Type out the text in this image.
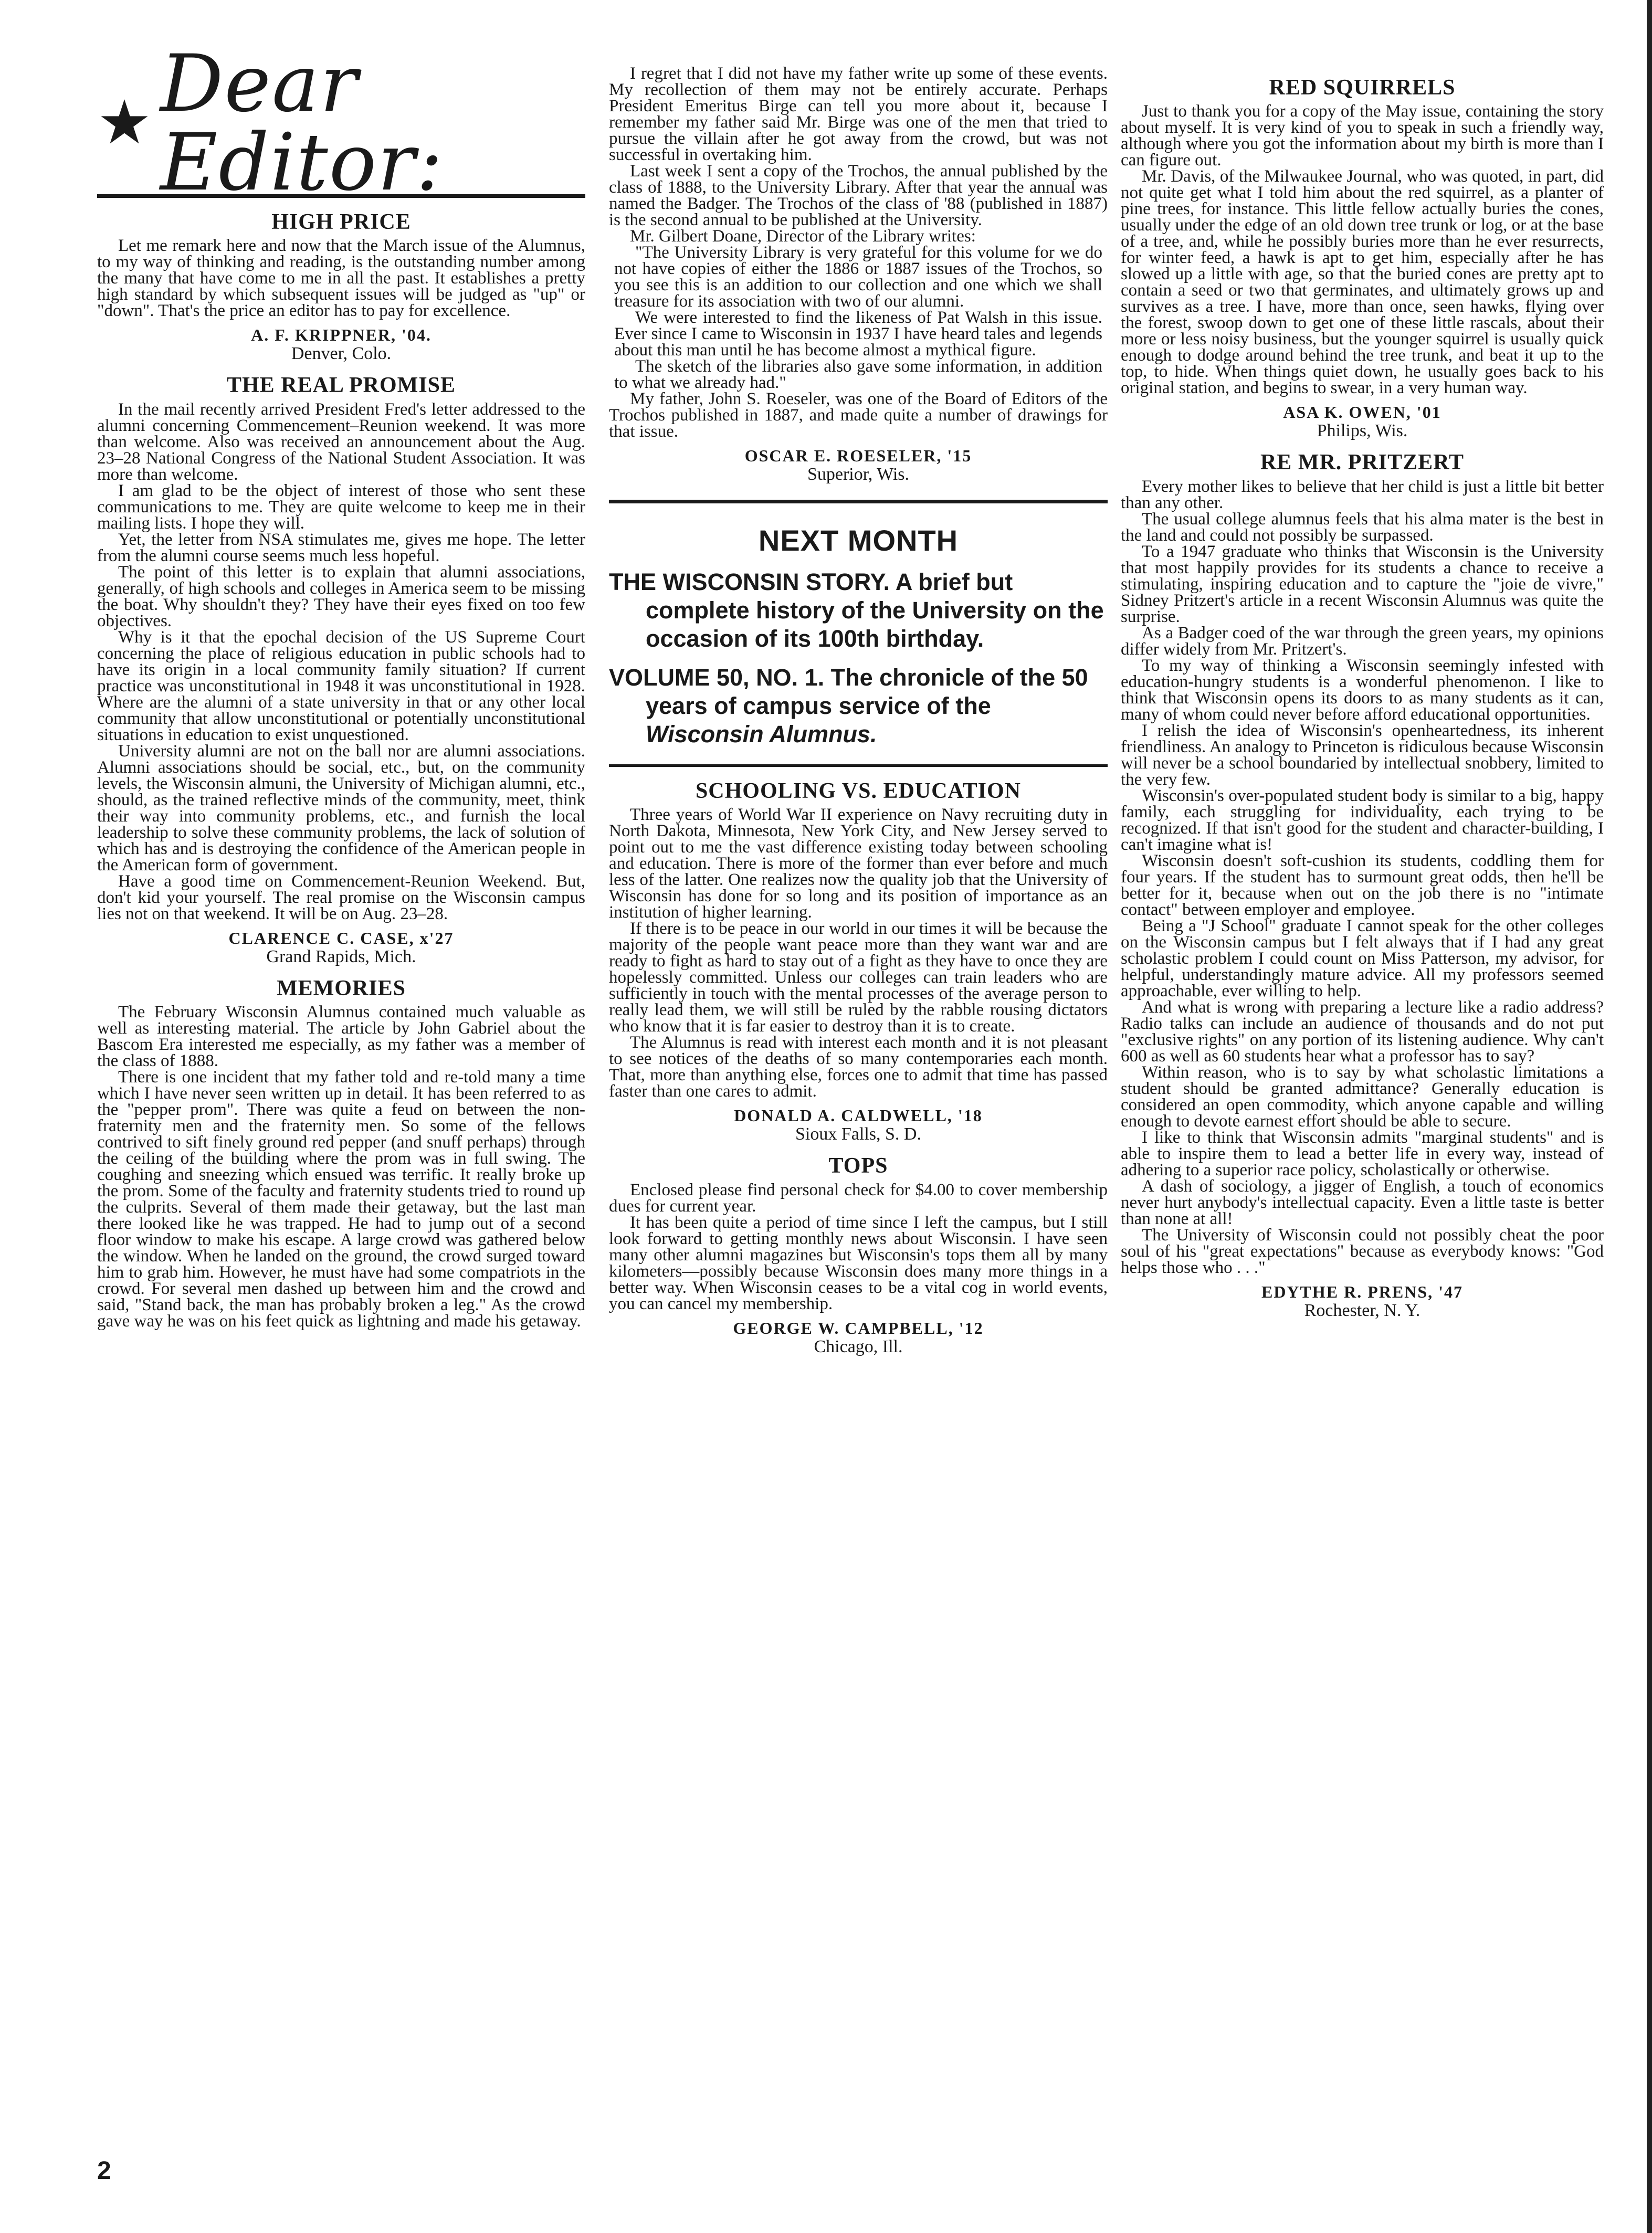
★ Dear Editor:
HIGH PRICE

Let me remark here and now that the March issue of the Alumnus, to my way of thinking and reading, is the outstanding number among the many that have come to me in all the past. It establishes a pretty high standard by which subsequent issues will be judged as "up" or "down". That's the price an editor has to pay for excellence.

A. F. KRIPPNER, '04.
Denver, Colo.
THE REAL PROMISE

In the mail recently arrived President Fred's letter addressed to the alumni concerning Commencement–Reunion weekend. It was more than welcome. Also was received an announcement about the Aug. 23–28 National Congress of the National Student Association. It was more than welcome.

I am glad to be the object of interest of those who sent these communications to me. They are quite welcome to keep me in their mailing lists. I hope they will.

Yet, the letter from NSA stimulates me, gives me hope. The letter from the alumni course seems much less hopeful.

The point of this letter is to explain that alumni associations, generally, of high schools and colleges in America seem to be missing the boat. Why shouldn't they? They have their eyes fixed on too few objectives.

Why is it that the epochal decision of the US Supreme Court concerning the place of religious education in public schools had to have its origin in a local community family situation? If current practice was unconstitutional in 1948 it was unconstitutional in 1928. Where are the alumni of a state university in that or any other local community that allow unconstitutional or potentially unconstitutional situations in education to exist unquestioned.

University alumni are not on the ball nor are alumni associations. Alumni associations should be social, etc., but, on the community levels, the Wisconsin almuni, the University of Michigan alumni, etc., should, as the trained reflective minds of the community, meet, think their way into community problems, etc., and furnish the local leadership to solve these community problems, the lack of solution of which has and is destroying the confidence of the American people in the American form of government.

Have a good time on Commencement-Reunion Weekend. But, don't kid your yourself. The real promise on the Wisconsin campus lies not on that weekend. It will be on Aug. 23–28.

CLARENCE C. CASE, x'27
Grand Rapids, Mich.
MEMORIES

The February Wisconsin Alumnus contained much valuable as well as interesting material. The article by John Gabriel about the Bascom Era interested me especially, as my father was a member of the class of 1888.

There is one incident that my father told and re-told many a time which I have never seen written up in detail. It has been referred to as the "pepper prom". There was quite a feud on between the non-fraternity men and the fraternity men. So some of the fellows contrived to sift finely ground red pepper (and snuff perhaps) through the ceiling of the building where the prom was in full swing. The coughing and sneezing which ensued was terrific. It really broke up the prom. Some of the faculty and fraternity students tried to round up the culprits. Several of them made their getaway, but the last man there looked like he was trapped. He had to jump out of a second floor window to make his escape. A large crowd was gathered below the window. When he landed on the ground, the crowd surged toward him to grab him. However, he must have had some compatriots in the crowd. For several men dashed up between him and the crowd and said, "Stand back, the man has probably broken a leg." As the crowd gave way he was on his feet quick as lightning and made his getaway.

I regret that I did not have my father write up some of these events. My recollection of them may not be entirely accurate. Perhaps President Emeritus Birge can tell you more about it, because I remember my father said Mr. Birge was one of the men that tried to pursue the villain after he got away from the crowd, but was not successful in overtaking him.

Last week I sent a copy of the Trochos, the annual published by the class of 1888, to the University Library. After that year the annual was named the Badger. The Trochos of the class of '88 (published in 1887) is the second annual to be published at the University.

Mr. Gilbert Doane, Director of the Library writes:

"The University Library is very grateful for this volume for we do not have copies of either the 1886 or 1887 issues of the Trochos, so you see this is an addition to our collection and one which we shall treasure for its association with two of our alumni.

We were interested to find the likeness of Pat Walsh in this issue. Ever since I came to Wisconsin in 1937 I have heard tales and legends about this man until he has become almost a mythical figure.

The sketch of the libraries also gave some information, in addition to what we already had."

My father, John S. Roeseler, was one of the Board of Editors of the Trochos published in 1887, and made quite a number of drawings for that issue.

OSCAR E. ROESELER, '15
Superior, Wis.
NEXT MONTH

THE WISCONSIN STORY. A brief but complete history of the University on the occasion of its 100th birthday.

VOLUME 50, NO. 1. The chronicle of the 50 years of campus service of the Wisconsin Alumnus.

SCHOOLING VS. EDUCATION

Three years of World War II experience on Navy recruiting duty in North Dakota, Minnesota, New York City, and New Jersey served to point out to me the vast difference existing today between schooling and education. There is more of the former than ever before and much less of the latter. One realizes now the quality job that the University of Wisconsin has done for so long and its position of importance as an institution of higher learning.

If there is to be peace in our world in our times it will be because the majority of the people want peace more than they want war and are ready to fight as hard to stay out of a fight as they have to once they are hopelessly committed. Unless our colleges can train leaders who are sufficiently in touch with the mental processes of the average person to really lead them, we will still be ruled by the rabble rousing dictators who know that it is far easier to destroy than it is to create.

The Alumnus is read with interest each month and it is not pleasant to see notices of the deaths of so many contemporaries each month. That, more than anything else, forces one to admit that time has passed faster than one cares to admit.

DONALD A. CALDWELL, '18
Sioux Falls, S. D.
TOPS

Enclosed please find personal check for $4.00 to cover membership dues for current year.

It has been quite a period of time since I left the campus, but I still look forward to getting monthly news about Wisconsin. I have seen many other alumni magazines but Wisconsin's tops them all by many kilometers—possibly because Wisconsin does many more things in a better way. When Wisconsin ceases to be a vital cog in world events, you can cancel my membership.

GEORGE W. CAMPBELL, '12
Chicago, Ill.
RED SQUIRRELS

Just to thank you for a copy of the May issue, containing the story about myself. It is very kind of you to speak in such a friendly way, although where you got the information about my birth is more than I can figure out.

Mr. Davis, of the Milwaukee Journal, who was quoted, in part, did not quite get what I told him about the red squirrel, as a planter of pine trees, for instance. This little fellow actually buries the cones, usually under the edge of an old down tree trunk or log, or at the base of a tree, and, while he possibly buries more than he ever resurrects, for winter feed, a hawk is apt to get him, especially after he has slowed up a little with age, so that the buried cones are pretty apt to contain a seed or two that germinates, and ultimately grows up and survives as a tree. I have, more than once, seen hawks, flying over the forest, swoop down to get one of these little rascals, about their more or less noisy business, but the younger squirrel is usually quick enough to dodge around behind the tree trunk, and beat it up to the top, to hide. When things quiet down, he usually goes back to his original station, and begins to swear, in a very human way.

ASA K. OWEN, '01
Philips, Wis.
RE MR. PRITZERT

Every mother likes to believe that her child is just a little bit better than any other.

The usual college alumnus feels that his alma mater is the best in the land and could not possibly be surpassed.

To a 1947 graduate who thinks that Wisconsin is the University that most happily provides for its students a chance to receive a stimulating, inspiring education and to capture the "joie de vivre," Sidney Pritzert's article in a recent Wisconsin Alumnus was quite the surprise.

As a Badger coed of the war through the green years, my opinions differ widely from Mr. Pritzert's.

To my way of thinking a Wisconsin seemingly infested with education-hungry students is a wonderful phenomenon. I like to think that Wisconsin opens its doors to as many students as it can, many of whom could never before afford educational opportunities.

I relish the idea of Wisconsin's openheartedness, its inherent friendliness. An analogy to Princeton is ridiculous because Wisconsin will never be a school boundaried by intellectual snobbery, limited to the very few.

Wisconsin's over-populated student body is similar to a big, happy family, each struggling for individuality, each trying to be recognized. If that isn't good for the student and character-building, I can't imagine what is!

Wisconsin doesn't soft-cushion its students, coddling them for four years. If the student has to surmount great odds, then he'll be better for it, because when out on the job there is no "intimate contact" between employer and employee.

Being a "J School" graduate I cannot speak for the other colleges on the Wisconsin campus but I felt always that if I had any great scholastic problem I could count on Miss Patterson, my advisor, for helpful, understandingly mature advice. All my professors seemed approachable, ever willing to help.

And what is wrong with preparing a lecture like a radio address? Radio talks can include an audience of thousands and do not put "exclusive rights" on any portion of its listening audience. Why can't 600 as well as 60 students hear what a professor has to say?

Within reason, who is to say by what scholastic limitations a student should be granted admittance? Generally education is considered an open commodity, which anyone capable and willing enough to devote earnest effort should be able to secure.

I like to think that Wisconsin admits "marginal students" and is able to inspire them to lead a better life in every way, instead of adhering to a superior race policy, scholastically or otherwise.

A dash of sociology, a jigger of English, a touch of economics never hurt anybody's intellectual capacity. Even a little taste is better than none at all!

The University of Wisconsin could not possibly cheat the poor soul of his "great expectations" because as everybody knows: "God helps those who . . ."

EDYTHE R. PRENS, '47
Rochester, N. Y.
2
